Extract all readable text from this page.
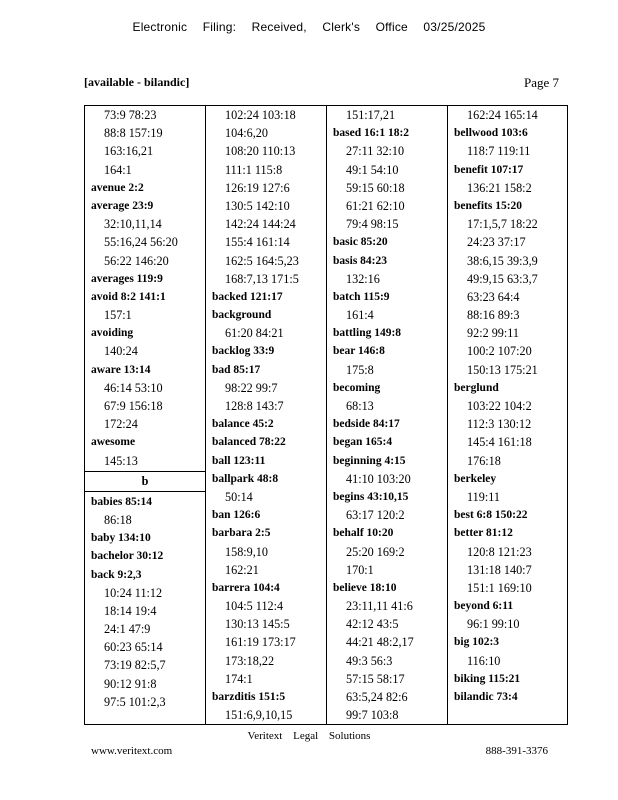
Electronic Filing: Received, Clerk's Office 03/25/2025
[available - bilandic]	Page 7
73:9 78:23
88:8 157:19
163:16,21
164:1
avenue 2:2
average 23:9
32:10,11,14
55:16,24 56:20
56:22 146:20
averages 119:9
avoid 8:2 141:1
157:1
avoiding
140:24
aware 13:14
46:14 53:10
67:9 156:18
172:24
awesome
145:13
b
babies 85:14
86:18
baby 134:10
bachelor 30:12
back 9:2,3
10:24 11:12
18:14 19:4
24:1 47:9
60:23 65:14
73:19 82:5,7
90:12 91:8
97:5 101:2,3
102:24 103:18
104:6,20
108:20 110:13
111:1 115:8
126:19 127:6
130:5 142:10
142:24 144:24
155:4 161:14
162:5 164:5,23
168:7,13 171:5
backed 121:17
background
61:20 84:21
backlog 33:9
bad 85:17
98:22 99:7
128:8 143:7
balance 45:2
balanced 78:22
ball 123:11
ballpark 48:8
50:14
ban 126:6
barbara 2:5
158:9,10
162:21
barrera 104:4
104:5 112:4
130:13 145:5
161:19 173:17
173:18,22
174:1
barzditis 151:5
151:6,9,10,15
151:17,21
based 16:1 18:2
27:11 32:10
49:1 54:10
59:15 60:18
61:21 62:10
79:4 98:15
basic 85:20
basis 84:23
132:16
batch 115:9
161:4
battling 149:8
bear 146:8
175:8
becoming
68:13
bedside 84:17
began 165:4
beginning 4:15
41:10 103:20
begins 43:10,15
63:17 120:2
behalf 10:20
25:20 169:2
170:1
believe 18:10
23:11,11 41:6
42:12 43:5
44:21 48:2,17
49:3 56:3
57:15 58:17
63:5,24 82:6
99:7 103:8
162:24 165:14
bellwood 103:6
118:7 119:11
benefit 107:17
136:21 158:2
benefits 15:20
17:1,5,7 18:22
24:23 37:17
38:6,15 39:3,9
49:9,15 63:3,7
63:23 64:4
88:16 89:3
92:2 99:11
100:2 107:20
150:13 175:21
berglund
103:22 104:2
112:3 130:12
145:4 161:18
176:18
berkeley
119:11
best 6:8 150:22
better 81:12
120:8 121:23
131:18 140:7
151:1 169:10
beyond 6:11
96:1 99:10
big 102:3
116:10
biking 115:21
bilandic 73:4
Veritext Legal Solutions
www.veritext.com	888-391-3376
